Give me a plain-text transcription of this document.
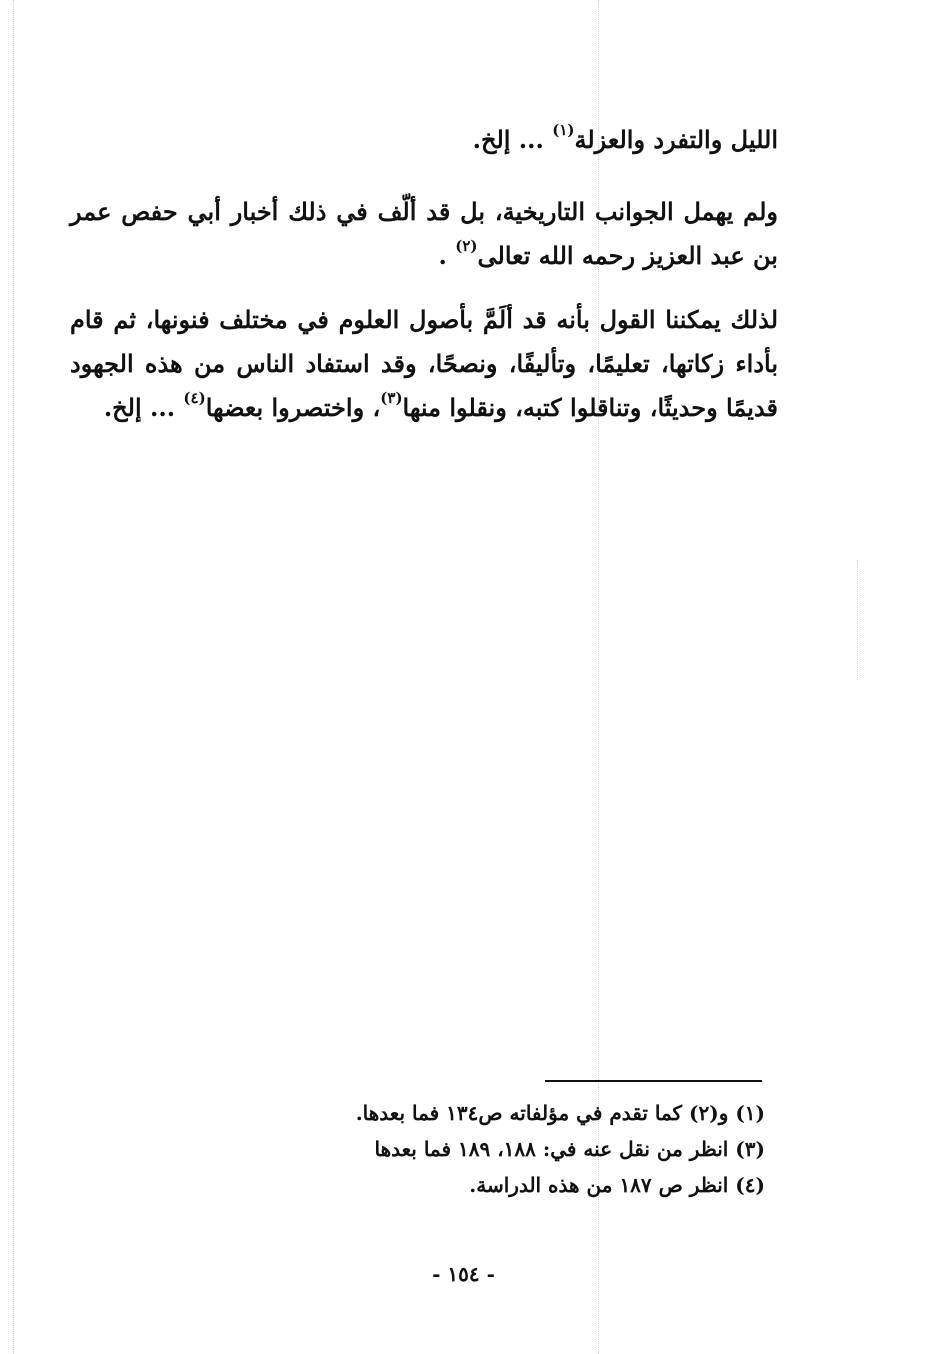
الليل والتفرد والعزلة$^{(١)}$ ... إلخ.

ولم يهمل الجوانب التاريخية، بل قد ألّف في ذلك أخبار أبي حفص عمر بن عبد العزيز رحمه الله تعالى$^{(٢)}$ .

لذلك يمكننا القول بأنه قد ألَمَّ بأصول العلوم في مختلف فنونها، ثم قام بأداء زكاتها، تعليمًا، وتأليفًا، ونصحًا، وقد استفاد الناس من هذه الجهود قديمًا وحديثًا، وتناقلوا كتبه، ونقلوا منها$^{(٣)}$، واختصروا بعضها$^{(٤)}$ ... إلخ.

(١) و(٢) كما تقدم في مؤلفاته ص١٣٤ فما بعدها.

(٣) انظر من نقل عنه في: ١٨٨، ١٨٩ فما بعدها

(٤) انظر ص ١٨٧ من هذه الدراسة.

- ١٥٤ -
